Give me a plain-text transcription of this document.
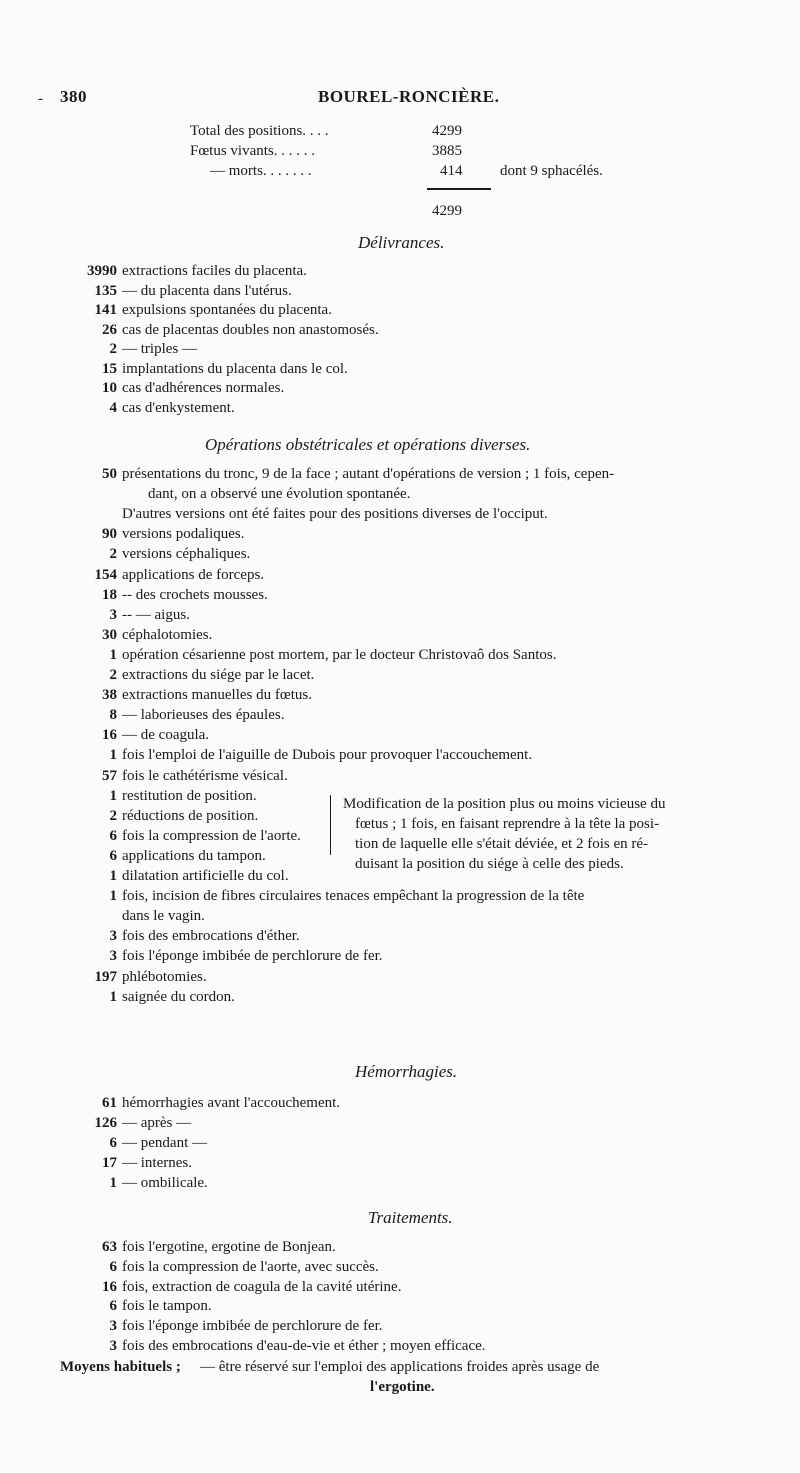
- 380	BOUREL-RONCIÈRE.
Total des positions. . . .	4299
Fœtus vivants. . . . . .	3885
— morts. . . . . . .	414	dont 9 sphacélés.
4299
Délivrances.
3990 extractions faciles du placenta.
135 — du placenta dans l'utérus.
141 expulsions spontanées du placenta.
26 cas de placentas doubles non anastomosés.
2 — triples —
15 implantations du placenta dans le col.
10 cas d'adhérences normales.
4 cas d'enkystement.
Opérations obstétricales et opérations diverses.
50 présentations du tronc, 9 de la face ; autant d'opérations de version ; 1 fois, cepen-
dant, on a observé une évolution spontanée.
D'autres versions ont été faites pour des positions diverses de l'occiput.
90 versions podaliques.
2 versions céphaliques.
154 applications de forceps.
18 -- des crochets mousses.
3 -- — aigus.
30 céphalotomies.
1 opération césarienne post mortem, par le docteur Christovaô dos Santos.
2 extractions du siége par le lacet.
38 extractions manuelles du fœtus.
8 — laborieuses des épaules.
16 — de coagula.
1 fois l'emploi de l'aiguille de Dubois pour provoquer l'accouchement.
57 fois le cathétérisme vésical.
1 restitution de position.
2 réductions de position.
6 fois la compression de l'aorte.
6 applications du tampon.
1 dilatation artificielle du col.
1 fois, incision de fibres circulaires tenaces empêchant la progression de la tête
dans le vagin.
3 fois des embrocations d'éther.
3 fois l'éponge imbibée de perchlorure de fer.
197 phlébotomies.
1 saignée du cordon.
Modification de la position plus ou moins vicieuse du
fœtus ; 1 fois, en faisant reprendre à la tête la posi-
tion de laquelle elle s'était déviée, et 2 fois en ré-
duisant la position du siége à celle des pieds.
Hémorrhagies.
61 hémorrhagies avant l'accouchement.
126 — après —
6 — pendant —
17 — internes.
1 — ombilicale.
Traitements.
63 fois l'ergotine, ergotine de Bonjean.
6 fois la compression de l'aorte, avec succès.
16 fois, extraction de coagula de la cavité utérine.
6 fois le tampon.
3 fois l'éponge imbibée de perchlorure de fer.
3 fois des embrocations d'eau-de-vie et éther ; moyen efficace.
Moyens habituels ; — être réservé sur l'emploi des applications froides après usage de
l'ergotine.
